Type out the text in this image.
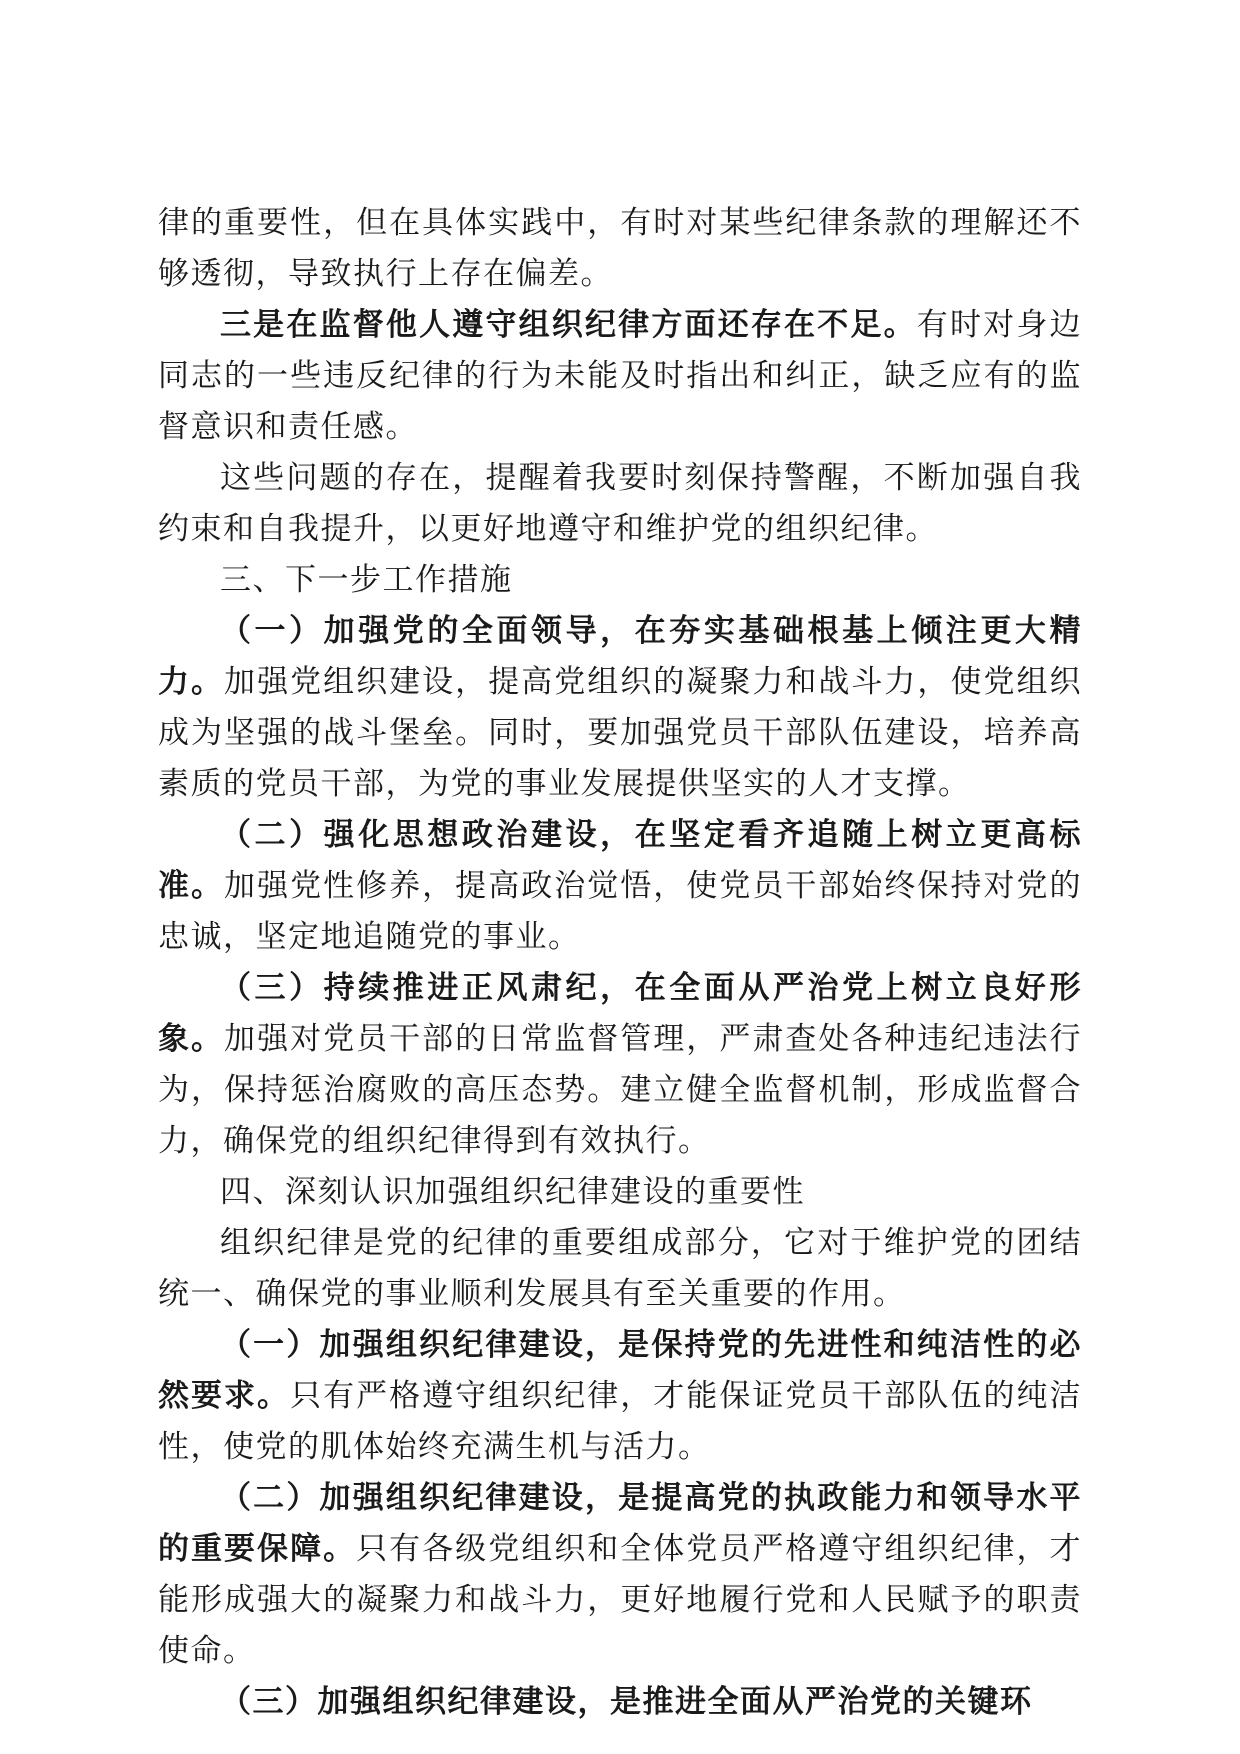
律的重要性，但在具体实践中，有时对某些纪律条款的理解还不够透彻，导致执行上存在偏差。

三是在监督他人遵守组织纪律方面还存在不足。有时对身边同志的一些违反纪律的行为未能及时指出和纠正，缺乏应有的监督意识和责任感。

这些问题的存在，提醒着我要时刻保持警醒，不断加强自我约束和自我提升，以更好地遵守和维护党的组织纪律。

三、下一步工作措施

（一）加强党的全面领导，在夯实基础根基上倾注更大精力。加强党组织建设，提高党组织的凝聚力和战斗力，使党组织成为坚强的战斗堡垒。同时，要加强党员干部队伍建设，培养高素质的党员干部，为党的事业发展提供坚实的人才支撑。

（二）强化思想政治建设，在坚定看齐追随上树立更高标准。加强党性修养，提高政治觉悟，使党员干部始终保持对党的忠诚，坚定地追随党的事业。

（三）持续推进正风肃纪，在全面从严治党上树立良好形象。加强对党员干部的日常监督管理，严肃查处各种违纪违法行为，保持惩治腐败的高压态势。建立健全监督机制，形成监督合力，确保党的组织纪律得到有效执行。

四、深刻认识加强组织纪律建设的重要性

组织纪律是党的纪律的重要组成部分，它对于维护党的团结统一、确保党的事业顺利发展具有至关重要的作用。

（一）加强组织纪律建设，是保持党的先进性和纯洁性的必然要求。只有严格遵守组织纪律，才能保证党员干部队伍的纯洁性，使党的肌体始终充满生机与活力。

（二）加强组织纪律建设，是提高党的执政能力和领导水平的重要保障。只有各级党组织和全体党员严格遵守组织纪律，才能形成强大的凝聚力和战斗力，更好地履行党和人民赋予的职责使命。

（三）加强组织纪律建设，是推进全面从严治党的关键环
